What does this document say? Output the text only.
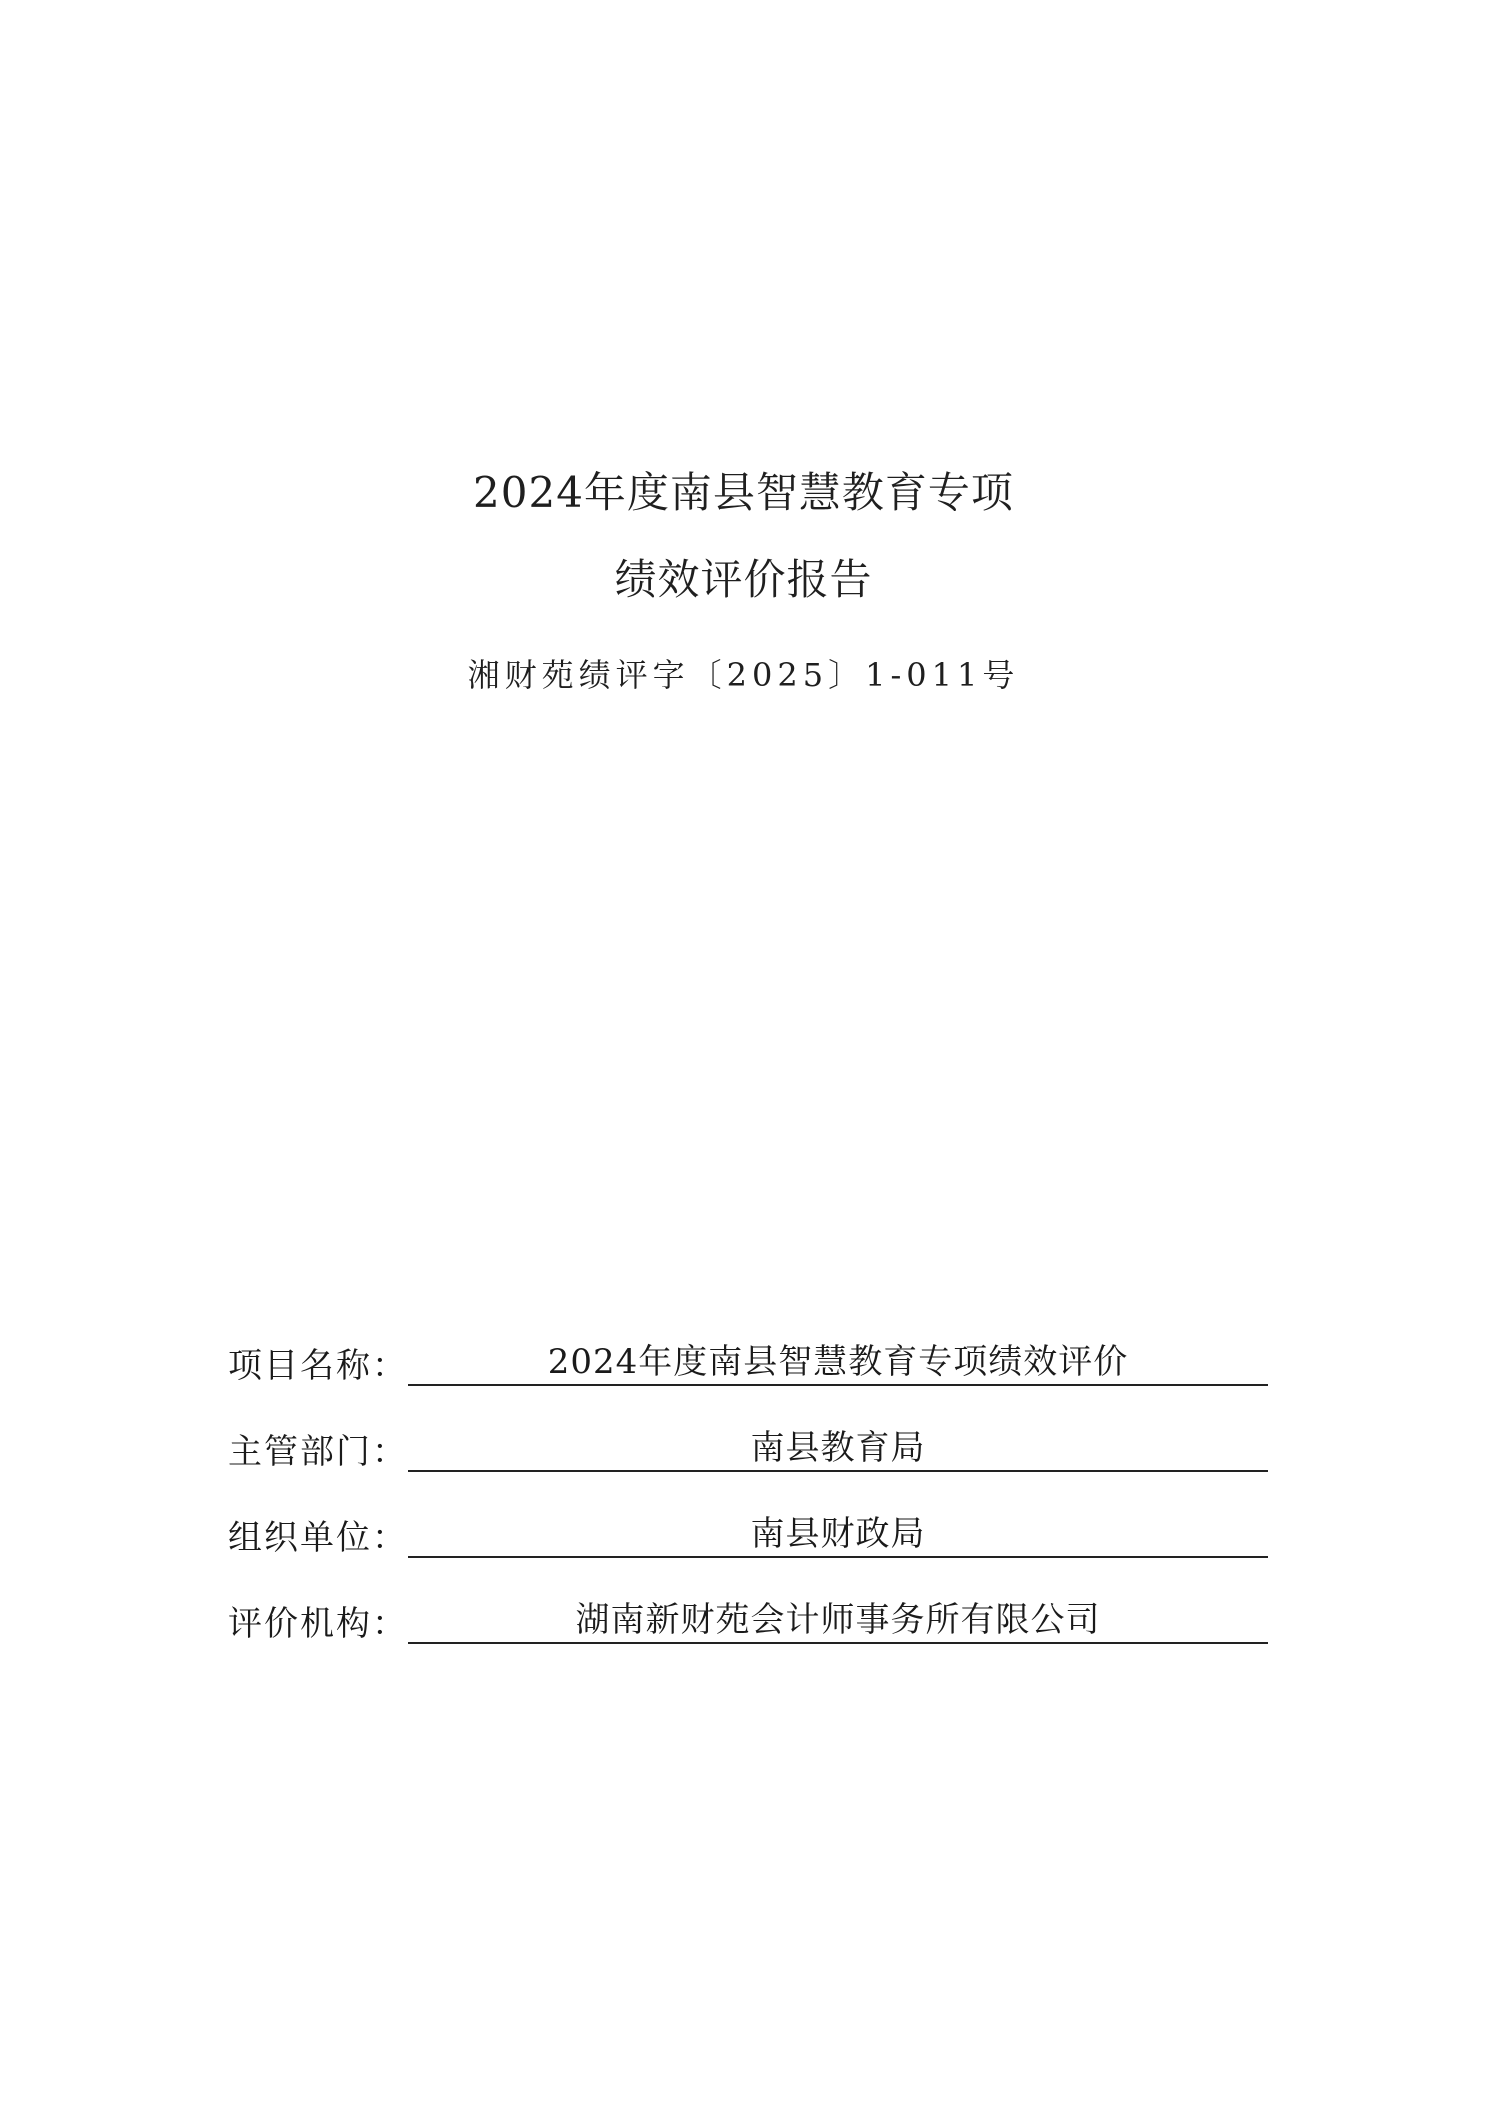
2024年度南县智慧教育专项
绩效评价报告
湘财苑绩评字〔2025〕1-011号
项目名称：	2024年度南县智慧教育专项绩效评价
主管部门：	南县教育局
组织单位：	南县财政局
评价机构：	湖南新财苑会计师事务所有限公司
